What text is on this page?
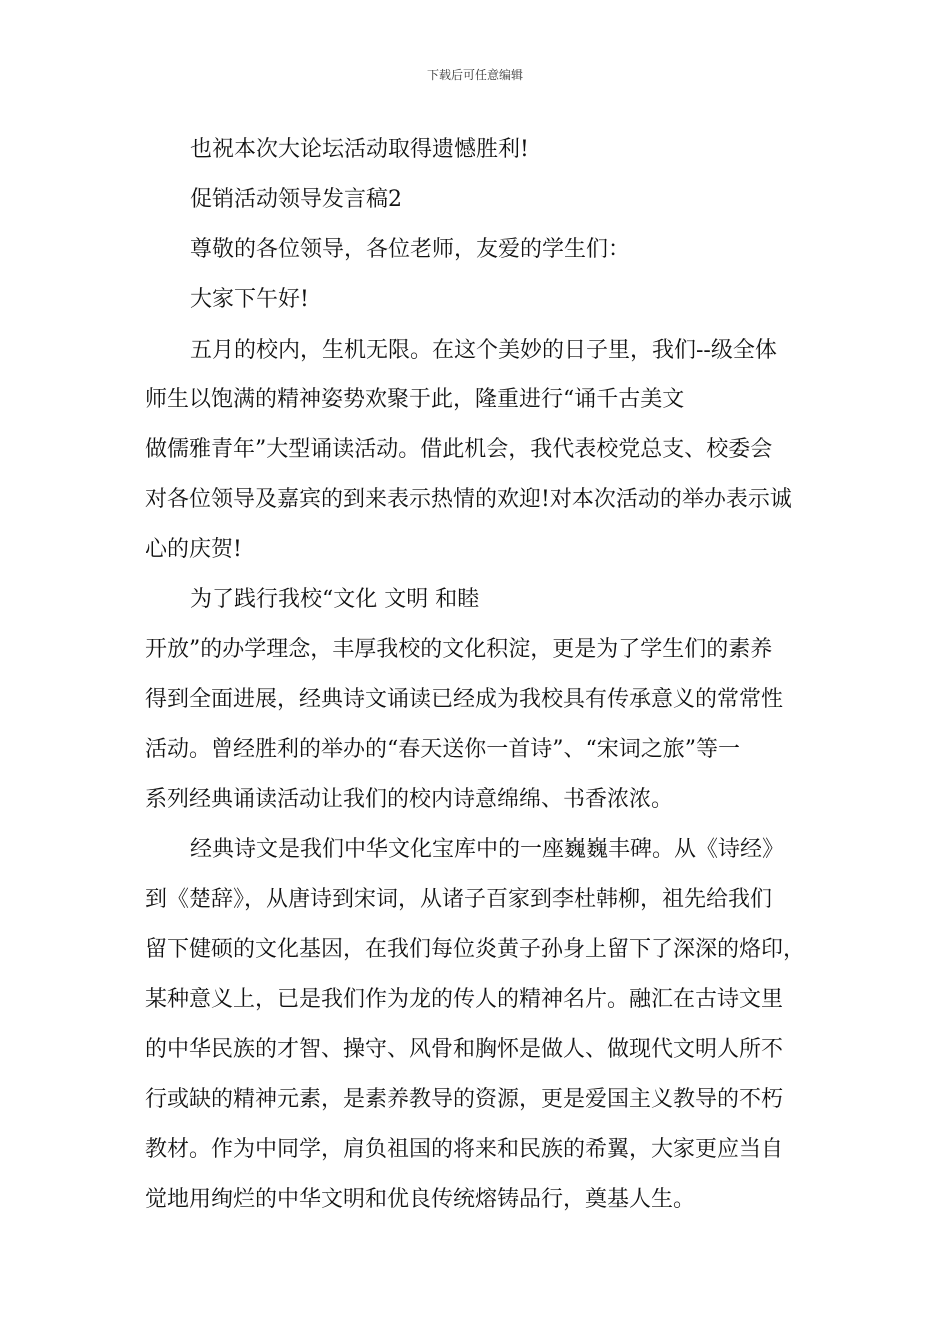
下载后可任意编辑
也祝本次大论坛活动取得遗憾胜利!
促销活动领导发言稿2
尊敬的各位领导，各位老师，友爱的学生们：
大家下午好!
五月的校内，生机无限。在这个美妙的日子里，我们--级全体
师生以饱满的精神姿势欢聚于此，隆重进行“诵千古美文
做儒雅青年”大型诵读活动。借此机会，我代表校党总支、校委会
对各位领导及嘉宾的到来表示热情的欢迎!对本次活动的举办表示诚
心的庆贺!
为了践行我校“文化 文明 和睦
开放”的办学理念，丰厚我校的文化积淀，更是为了学生们的素养
得到全面进展，经典诗文诵读已经成为我校具有传承意义的常常性
活动。曾经胜利的举办的“春天送你一首诗”、“宋词之旅”等一
系列经典诵读活动让我们的校内诗意绵绵、书香浓浓。
经典诗文是我们中华文化宝库中的一座巍巍丰碑。从《诗经》
到《楚辞》，从唐诗到宋词，从诸子百家到李杜韩柳，祖先给我们
留下健硕的文化基因，在我们每位炎黄子孙身上留下了深深的烙印，
某种意义上，已是我们作为龙的传人的精神名片。融汇在古诗文里
的中华民族的才智、操守、风骨和胸怀是做人、做现代文明人所不
行或缺的精神元素，是素养教导的资源，更是爱国主义教导的不朽
教材。作为中同学，肩负祖国的将来和民族的希翼，大家更应当自
觉地用绚烂的中华文明和优良传统熔铸品行，奠基人生。
